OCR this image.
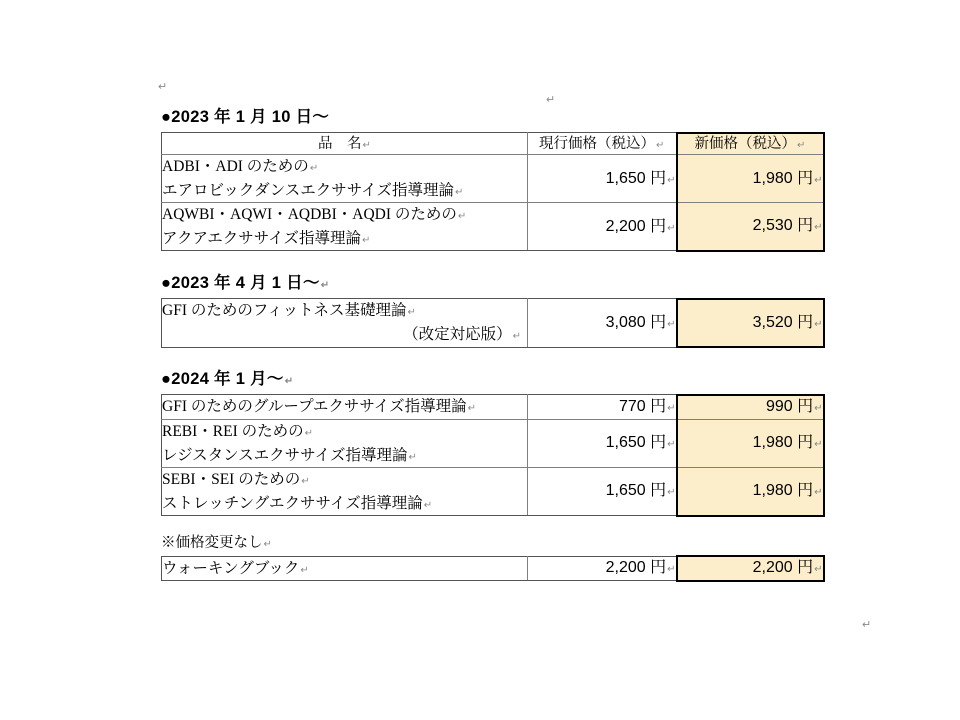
↵
↵
↵
●2023 年 1 月 10 日～
品　名↵	現行価格（税込）↵	新価格（税込）↵

ADBI・ADI のための↵
エアロビックダンスエクササイズ指導理論↵	1,650 円↵	1,980 円↵

AQWBI・AQWI・AQDBI・AQDI のための↵
アクアエクササイズ指導理論↵	2,200 円↵	2,530 円↵
●2023 年 4 月 1 日～↵
GFI のためのフィットネス基礎理論↵
（改定対応版）↵
	3,080 円↵	3,520 円↵
●2024 年 1 月～↵
GFI のためのグループエクササイズ指導理論↵	770 円↵	990 円↵

REBI・REI のための↵
レジスタンスエクササイズ指導理論↵	1,650 円↵	1,980 円↵

SEBI・SEI のための↵
ストレッチングエクササイズ指導理論↵	1,650 円↵	1,980 円↵
※価格変更なし↵
ウォーキングブック↵	2,200 円↵	2,200 円↵
